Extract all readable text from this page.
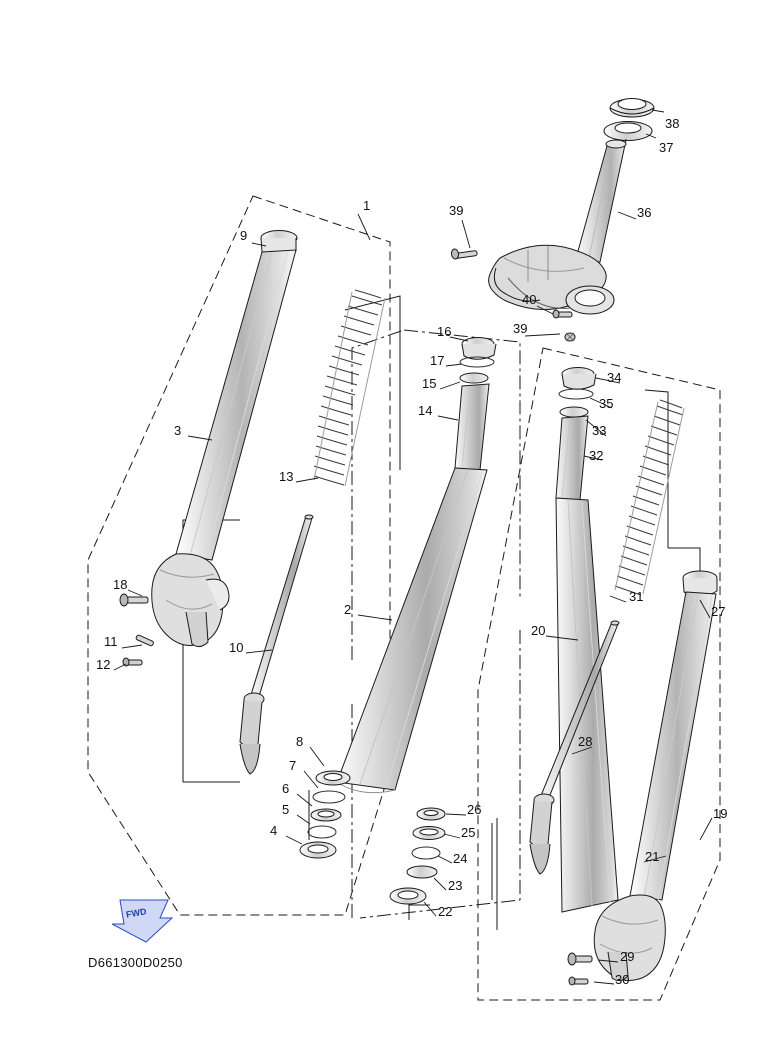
1
2
3
4
5
6
7
8
9
10
11
12
13
14
15
16
17
18
19
20
21
22
23
24
25
26
27
28
29
30
31
32
33
34
35
36
37
38
39
39
40
FWD
D661300D0250
